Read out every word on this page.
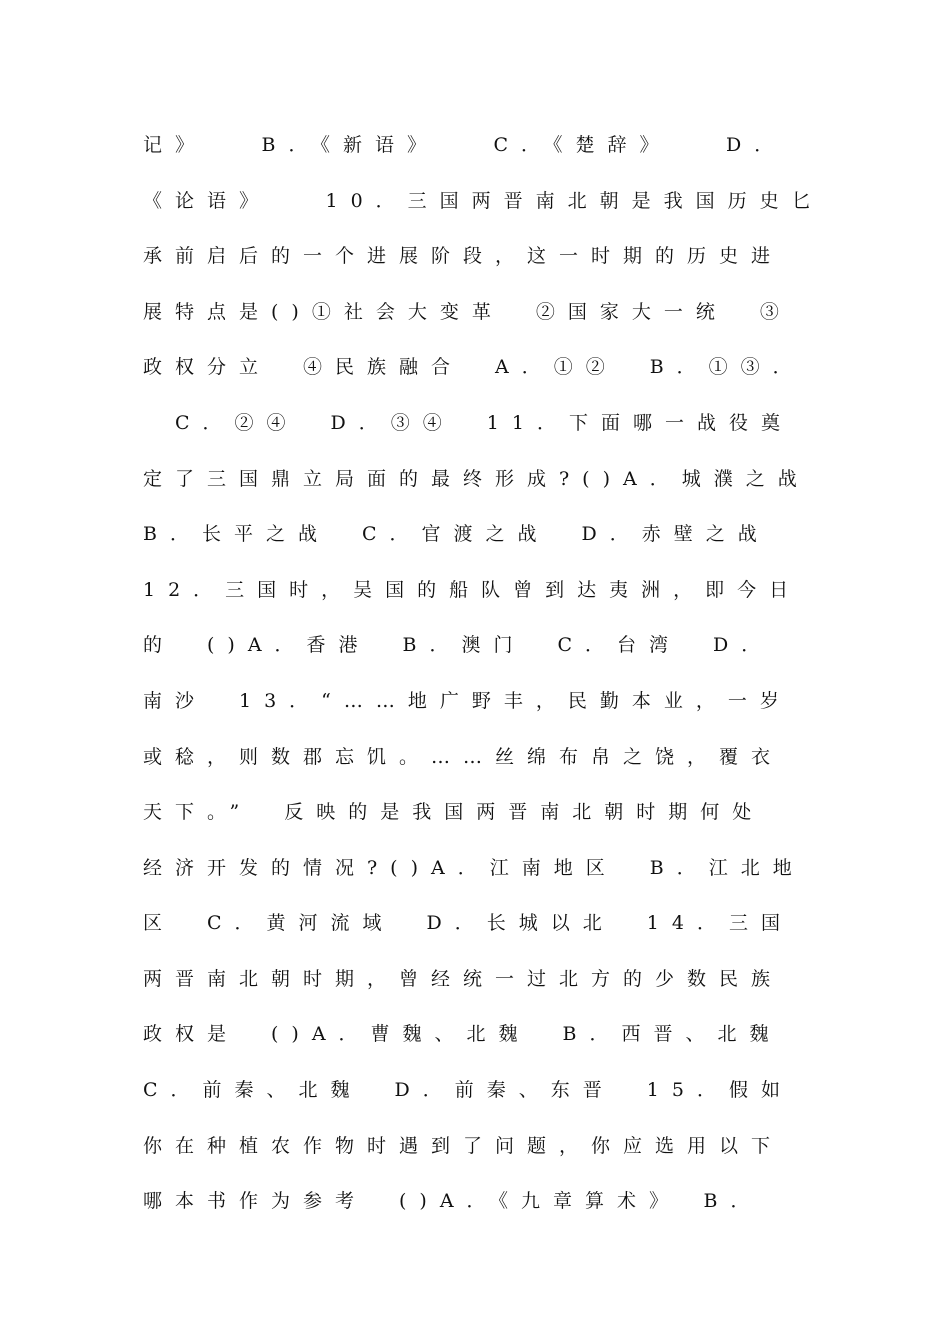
记》　　B．《新语》　　C．《楚辞》　　D．
《论语》　　10．三国两晋南北朝是我国历史匕
承前启后的一个进展阶段，这一时期的历史进
展特点是()①社会大变革　②国家大一统　③
政权分立　④民族融合　A．①②　B．①③．
　C．②④　D．③④　11．下面哪一战役奠
定了三国鼎立局面的最终形成?()A．城濮之战
B．长平之战　C．官渡之战　D．赤壁之战
12．三国时，吴国的船队曾到达夷洲，即今日
的　()A．香港　B．澳门　C．台湾　D．
南沙　13．“……地广野丰，民勤本业，一岁
或稔，则数郡忘饥。……丝绵布帛之饶，覆衣
天下。”　反映的是我国两晋南北朝时期何处
经济开发的情况?()A．江南地区　B．江北地
区　C．黄河流域　D．长城以北　14．三国
两晋南北朝时期，曾经统一过北方的少数民族
政权是　()A．曹魏、北魏　B．西晋、北魏
C．前秦、北魏　D．前秦、东晋　15．假如
你在种植农作物时遇到了问题，你应选用以下
哪本书作为参考　()A．《九章算术》　B．
